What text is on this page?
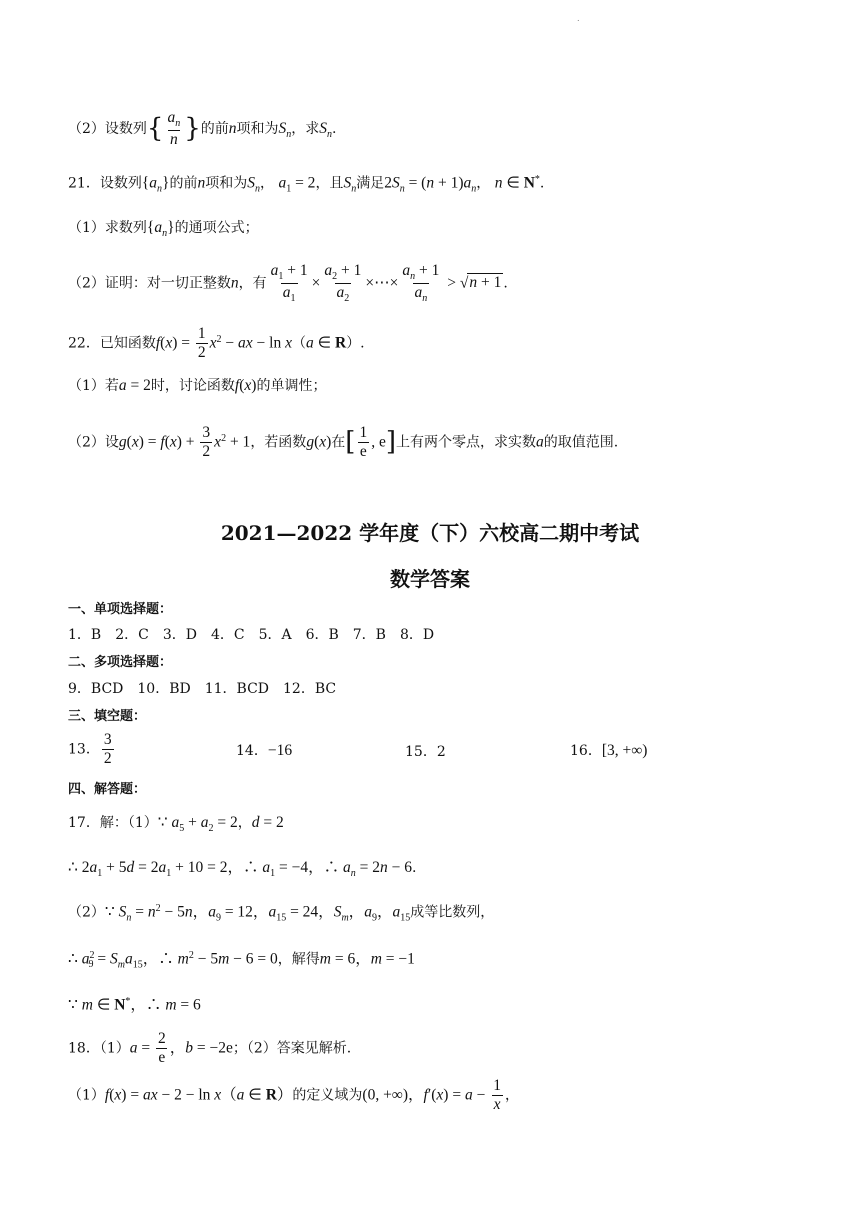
.
（2）设数列{ $\frac{a_n}{n}$ }的前n项和为$S_n$，求$S_n$.
21．设数列$\{a_n\}$的前n项和为$S_n$， $a_1 = 2$，且$S_n$满足$2S_n = (n + 1)a_n$， n ∈ N*.
（1）求数列$\{a_n\}$的通项公式；
（2）证明：对一切正整数n，有 $\frac{a_1 + 1}{a_1} \times \frac{a_2 + 1}{a_2}$ ×⋯× $\frac{a_n + 1}{a_n} > √n + 1$ .
22．已知函数$f(x) = \frac{1}{2} x^2$ − ax − ln x（a ∈ R）.
（1）若a = 2时，讨论函数f(x)的单调性；
（2）设$g(x) = f(x) + \frac{3}{2} x^2 + 1$，若函数g(x)在[ $\frac{1}{e}$ , e]上有两个零点，求实数a的取值范围.
2021—2022 学年度（下）六校高二期中考试
数学答案
一、单项选择题：
1．B　2．C　3．D　4．C　5．A　6．B　7．B　8．D
二、多项选择题：
9．BCD　10．BD　11．BCD　12．BC
三、填空题：
13． $\frac{3}{2}$	14．−16	15．2	16．[3, +∞)
四、解答题：
17．解：（1）∵ $a_5 + a_2 = 2$，d = 2
∴ $2a_1 + 5d = 2a_1 + 10 = 2$，∴ $a_1 = -4$，∴ $a_n = 2n - 6$.
（2）∵ $S_n = n^2 - 5n$，$a_9 = 12$，$a_{15} = 24$，$S_m$，$a_9$，$a_{15}$成等比数列，
∴ $a^2_9 = S_ma_{15}$，∴ $m^2 - 5m - 6 = 0$，解得m = 6，m = −1
∵ m ∈ N*，∴ m = 6
18．$(1)a = \frac{2}{e}$ ，b = −2e；（2）答案见解析.
（1）f(x) = ax − 2 − ln x（a ∈ R）的定义域为(0, +∞)，$f'(x) = a - \frac{1}{x}$ ，
